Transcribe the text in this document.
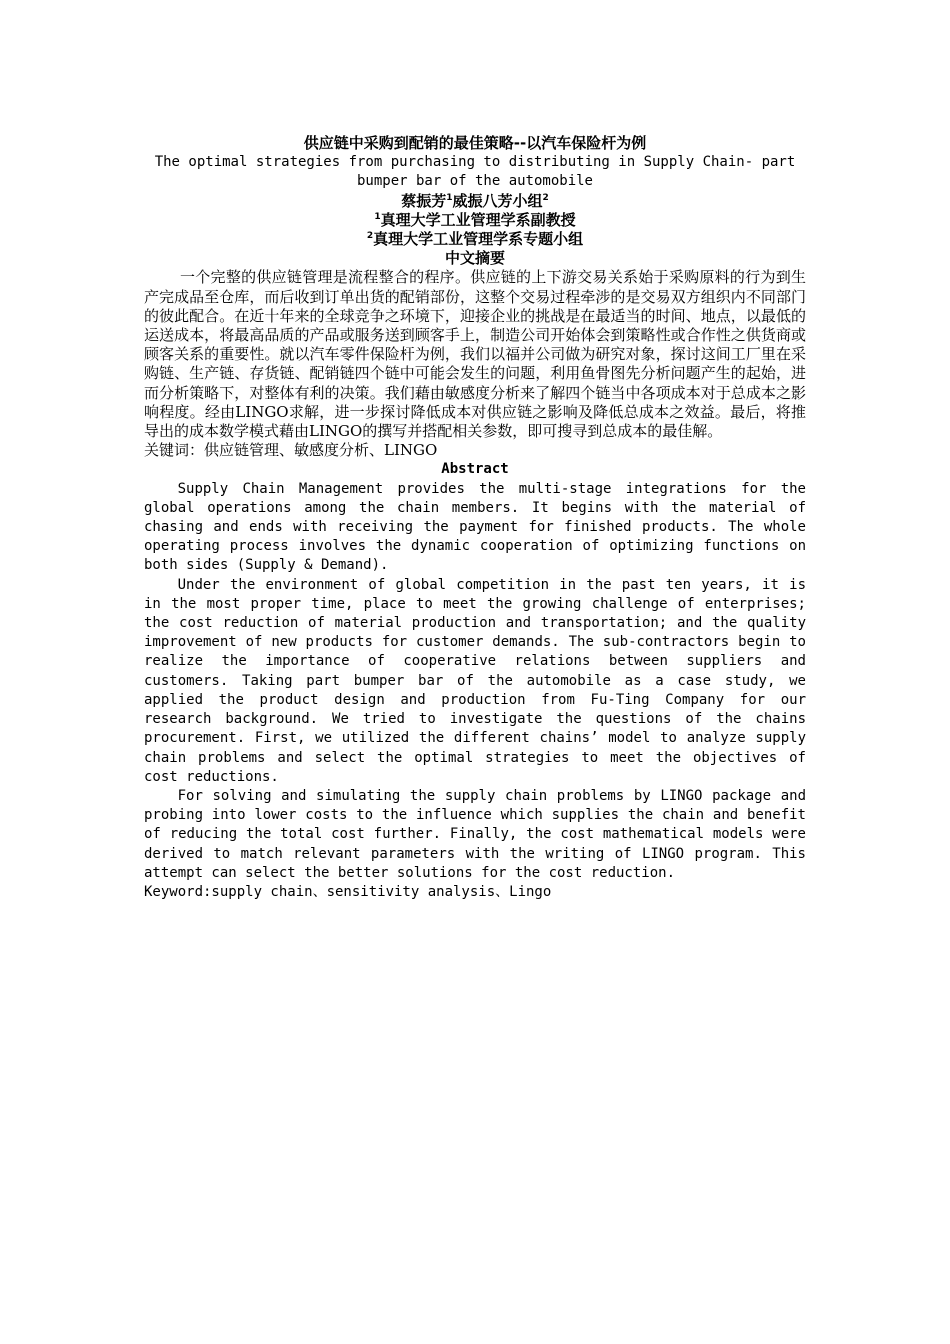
供应链中采购到配销的最佳策略--以汽车保险杆为例
The optimal strategies from purchasing to distributing in Supply Chain- part bumper bar of the automobile
蔡振芳$^1$威振八芳小组$^2$
$^1$真理大学工业管理学系副教授
$^2$真理大学工业管理学系专题小组
中文摘要

一个完整的供应链管理是流程整合的程序。供应链的上下游交易关系始于采购原料的行为到生产完成品至仓库，而后收到订单出货的配销部份，这整个交易过程牵涉的是交易双方组织内不同部门的彼此配合。在近十年来的全球竞争之环境下，迎接企业的挑战是在最适当的时间、地点，以最低的运送成本，将最高品质的产品或服务送到顾客手上，制造公司开始体会到策略性或合作性之供货商或顾客关系的重要性。就以汽车零件保险杆为例，我们以福并公司做为研究对象，探讨这间工厂里在采购链、生产链、存货链、配销链四个链中可能会发生的问题，利用鱼骨图先分析问题产生的起始，进而分析策略下，对整体有利的决策。我们藉由敏感度分析来了解四个链当中各项成本对于总成本之影响程度。经由LINGO求解，进一步探讨降低成本对供应链之影响及降低总成本之效益。最后，将推导出的成本数学模式藉由LINGO的撰写并搭配相关参数，即可搜寻到总成本的最佳解。

关键词：供应链管理、敏感度分析、LINGO

Abstract

Supply Chain Management provides the multi-stage integrations for the global operations among the chain members. It begins with the material of chasing and ends with receiving the payment for finished products. The whole operating process involves the dynamic cooperation of optimizing functions on both sides (Supply & Demand).

Under the environment of global competition in the past ten years, it is in the most proper time, place to meet the growing challenge of enterprises; the cost reduction of material production and transportation; and the quality improvement of new products for customer demands. The sub-contractors begin to realize the importance of cooperative relations between suppliers and customers. Taking part bumper bar of the automobile as a case study, we applied the product design and production from Fu-Ting Company for our research background. We tried to investigate the questions of the chains procurement. First, we utilized the different chains’ model to analyze supply chain problems and select the optimal strategies to meet the objectives of cost reductions.

For solving and simulating the supply chain problems by LINGO package and probing into lower costs to the influence which supplies the chain and benefit of reducing the total cost further. Finally, the cost mathematical models were derived to match relevant parameters with the writing of LINGO program. This attempt can select the better solutions for the cost reduction.

Keyword:supply chain、sensitivity analysis、Lingo
